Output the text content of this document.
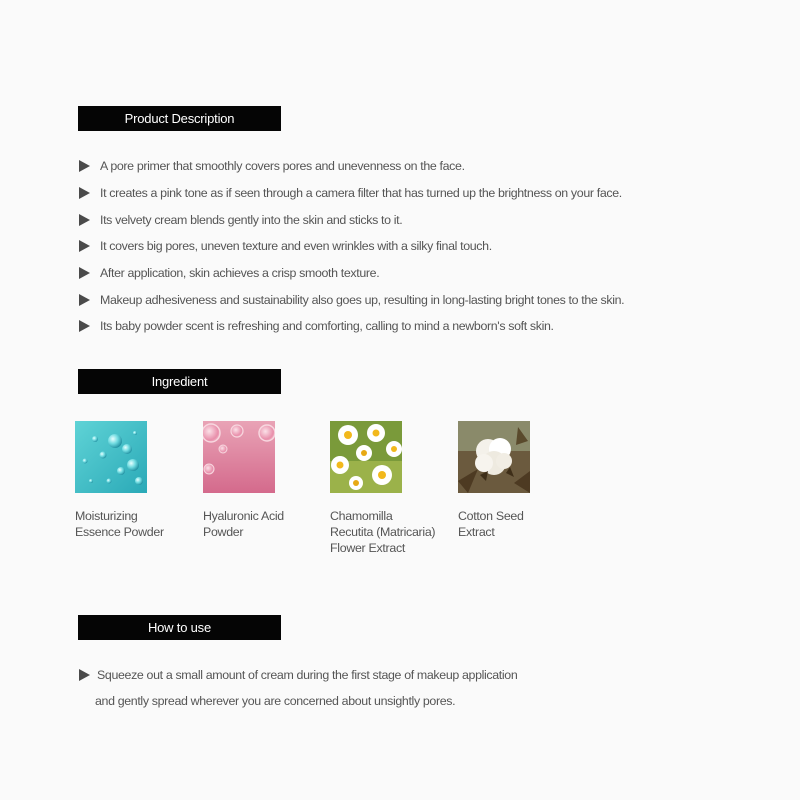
Product Description
A pore primer that smoothly covers pores and unevenness on the face.
It creates a pink tone as if seen through a camera filter that has turned up the brightness on your face.
Its velvety cream blends gently into the skin and sticks to it.
It covers big pores, uneven texture and even wrinkles with a silky final touch.
After application, skin achieves a crisp smooth texture.
Makeup adhesiveness and sustainability also goes up, resulting in long-lasting bright tones to the skin.
Its baby powder scent is refreshing and comforting, calling to mind a newborn's soft skin.
Ingredient
Moisturizing
Essence Powder
Hyaluronic Acid
Powder
Chamomilla
Recutita (Matricaria)
Flower Extract
Cotton Seed
Extract
How to use
Squeeze out a small amount of cream during the first stage of makeup application
and gently spread wherever you are concerned about unsightly pores.
